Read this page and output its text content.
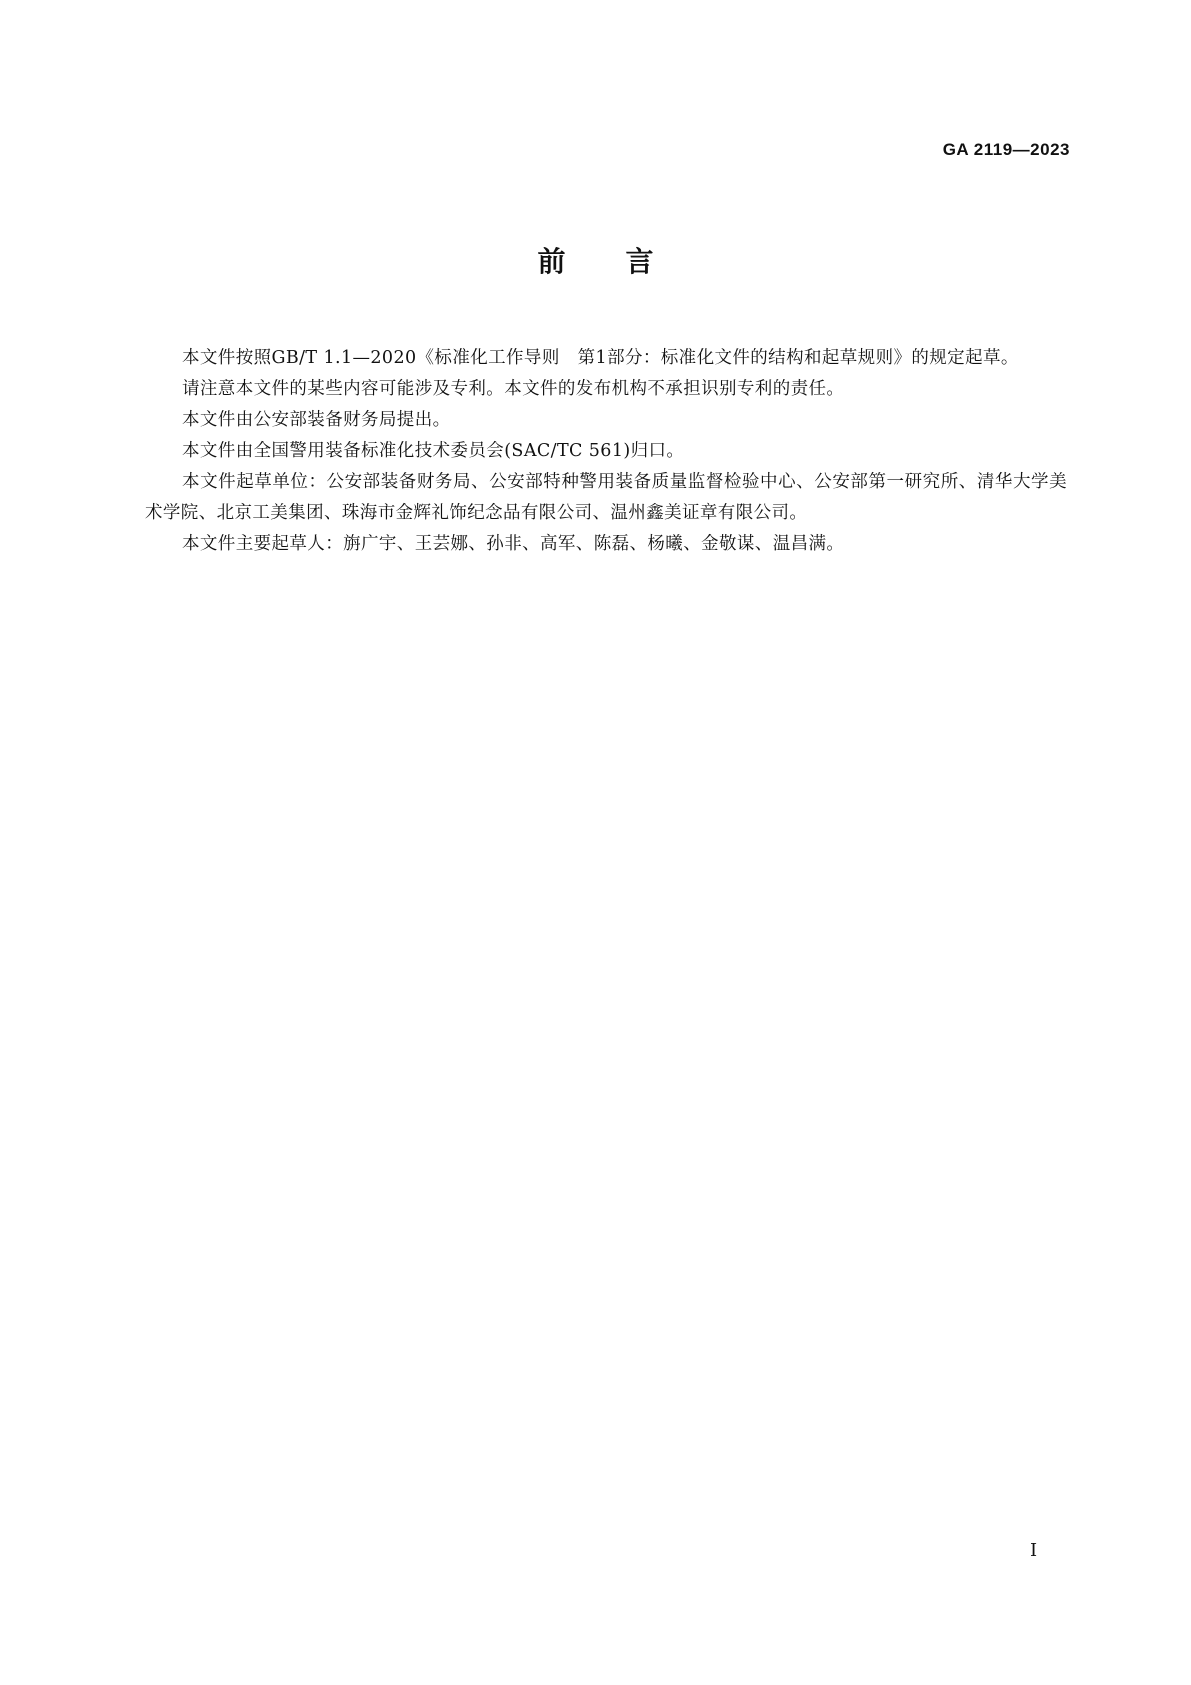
GA 2119—2023
前言

本文件按照GB/T 1.1—2020《标准化工作导则　第1部分：标准化文件的结构和起草规则》的规定起草。

请注意本文件的某些内容可能涉及专利。本文件的发布机构不承担识别专利的责任。

本文件由公安部装备财务局提出。

本文件由全国警用装备标准化技术委员会(SAC/TC 561)归口。

本文件起草单位：公安部装备财务局、公安部特种警用装备质量监督检验中心、公安部第一研究所、清华大学美术学院、北京工美集团、珠海市金辉礼饰纪念品有限公司、温州鑫美证章有限公司。

本文件主要起草人：旃广宇、王芸娜、孙非、高军、陈磊、杨曦、金敬谋、温昌满。

I
